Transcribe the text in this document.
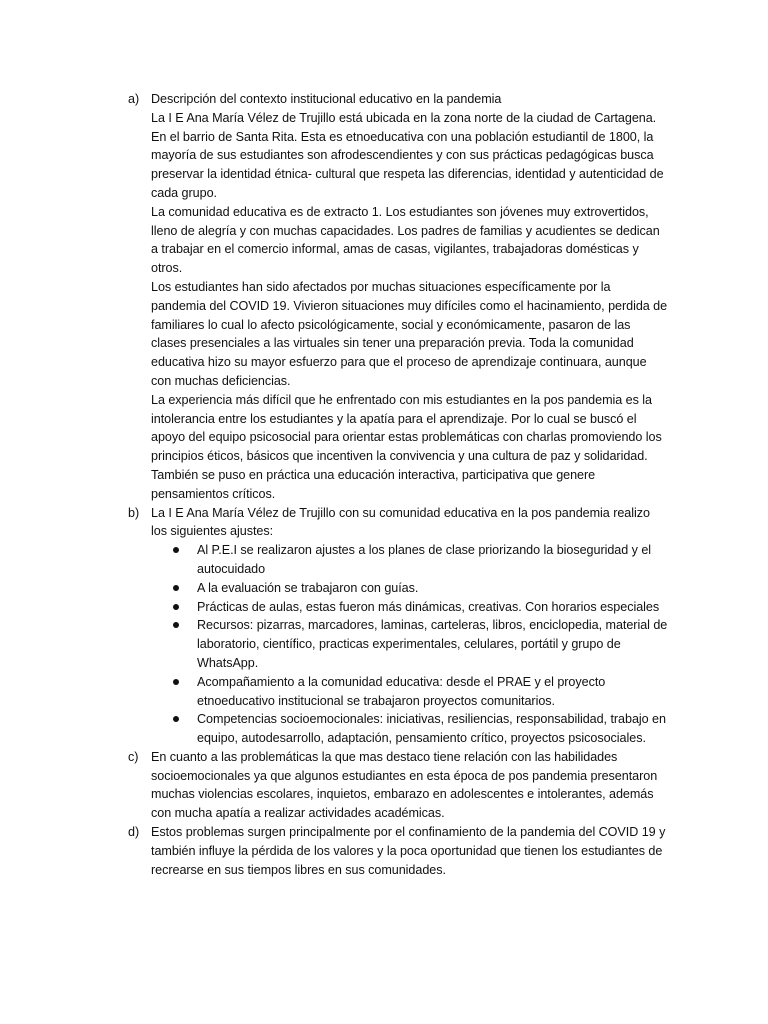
a) Descripción del contexto institucional educativo en la pandemia

La I E Ana María Vélez de Trujillo está ubicada en la zona norte de la ciudad de Cartagena. En el barrio de Santa Rita. Esta es etnoeducativa con una población estudiantil de 1800, la mayoría de sus estudiantes son afrodescendientes y con sus prácticas pedagógicas busca preservar la identidad étnica- cultural que respeta las diferencias, identidad y autenticidad de cada grupo.

La comunidad educativa es de extracto 1. Los estudiantes son jóvenes muy extrovertidos, lleno de alegría y con muchas capacidades. Los padres de familias y acudientes se dedican a trabajar en el comercio informal, amas de casas, vigilantes, trabajadoras domésticas y otros.

Los estudiantes han sido afectados por muchas situaciones específicamente por la pandemia del COVID 19. Vivieron situaciones muy difíciles como el hacinamiento, perdida de familiares lo cual lo afecto psicológicamente, social y económicamente, pasaron de las clases presenciales a las virtuales sin tener una preparación previa. Toda la comunidad educativa hizo su mayor esfuerzo para que el proceso de aprendizaje continuara, aunque con muchas deficiencias.

La experiencia más difícil que he enfrentado con mis estudiantes en la pos pandemia es la intolerancia entre los estudiantes y la apatía para el aprendizaje. Por lo cual se buscó el apoyo del equipo psicosocial para orientar estas problemáticas con charlas promoviendo los principios éticos, básicos que incentiven la convivencia y una cultura de paz y solidaridad. También se puso en práctica una educación interactiva, participativa que genere pensamientos críticos.

b) La I E Ana María Vélez de Trujillo con su comunidad educativa en la pos pandemia realizo los siguientes ajustes:

Al P.E.I se realizaron ajustes a los planes de clase priorizando la bioseguridad y el autocuidado
A la evaluación se trabajaron con guías.
Prácticas de aulas, estas fueron más dinámicas, creativas. Con horarios especiales
Recursos: pizarras, marcadores, laminas, carteleras, libros, enciclopedia, material de laboratorio, científico, practicas experimentales, celulares, portátil y grupo de WhatsApp.
Acompañamiento a la comunidad educativa: desde el PRAE y el proyecto etnoeducativo institucional se trabajaron proyectos comunitarios.
Competencias socioemocionales: iniciativas, resiliencias, responsabilidad, trabajo en equipo, autodesarrollo, adaptación, pensamiento crítico, proyectos psicosociales.
c) En cuanto a las problemáticas la que mas destaco tiene relación con las habilidades socioemocionales ya que algunos estudiantes en esta época de pos pandemia presentaron muchas violencias escolares, inquietos, embarazo en adolescentes e intolerantes, además con mucha apatía a realizar actividades académicas.

d) Estos problemas surgen principalmente por el confinamiento de la pandemia del COVID 19 y también influye la pérdida de los valores y la poca oportunidad que tienen los estudiantes de recrearse en sus tiempos libres en sus comunidades.
